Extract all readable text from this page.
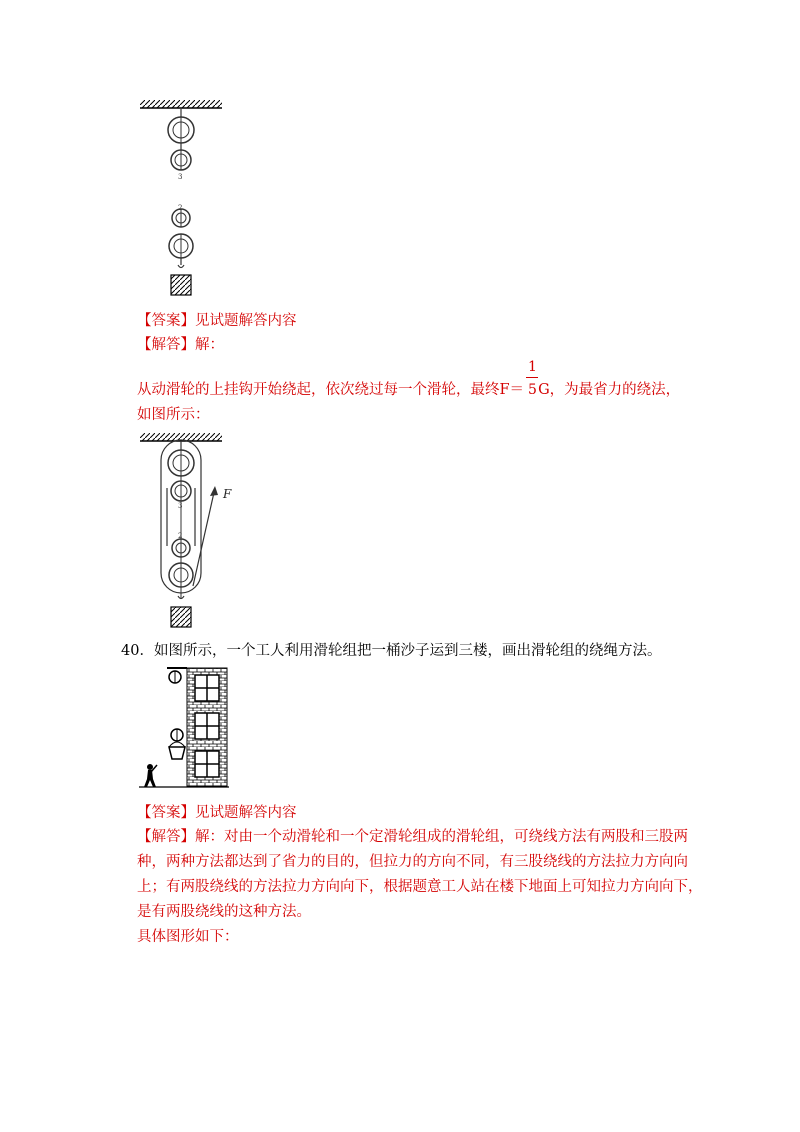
3
2
【答案】见试题解答内容
【解答】解：
从动滑轮的上挂钩开始绕起，依次绕过每一个滑轮，最终F＝ G，为最省力的绕法，
1
5
如图所示：
3
2
F
40．如图所示，一个工人利用滑轮组把一桶沙子运到三楼，画出滑轮组的绕绳方法。
【答案】见试题解答内容
【解答】解：对由一个动滑轮和一个定滑轮组成的滑轮组，可绕线方法有两股和三股两
种，两种方法都达到了省力的目的，但拉力的方向不同，有三股绕线的方法拉力方向向
上；有两股绕线的方法拉力方向向下，根据题意工人站在楼下地面上可知拉力方向向下，
是有两股绕线的这种方法。
具体图形如下：
